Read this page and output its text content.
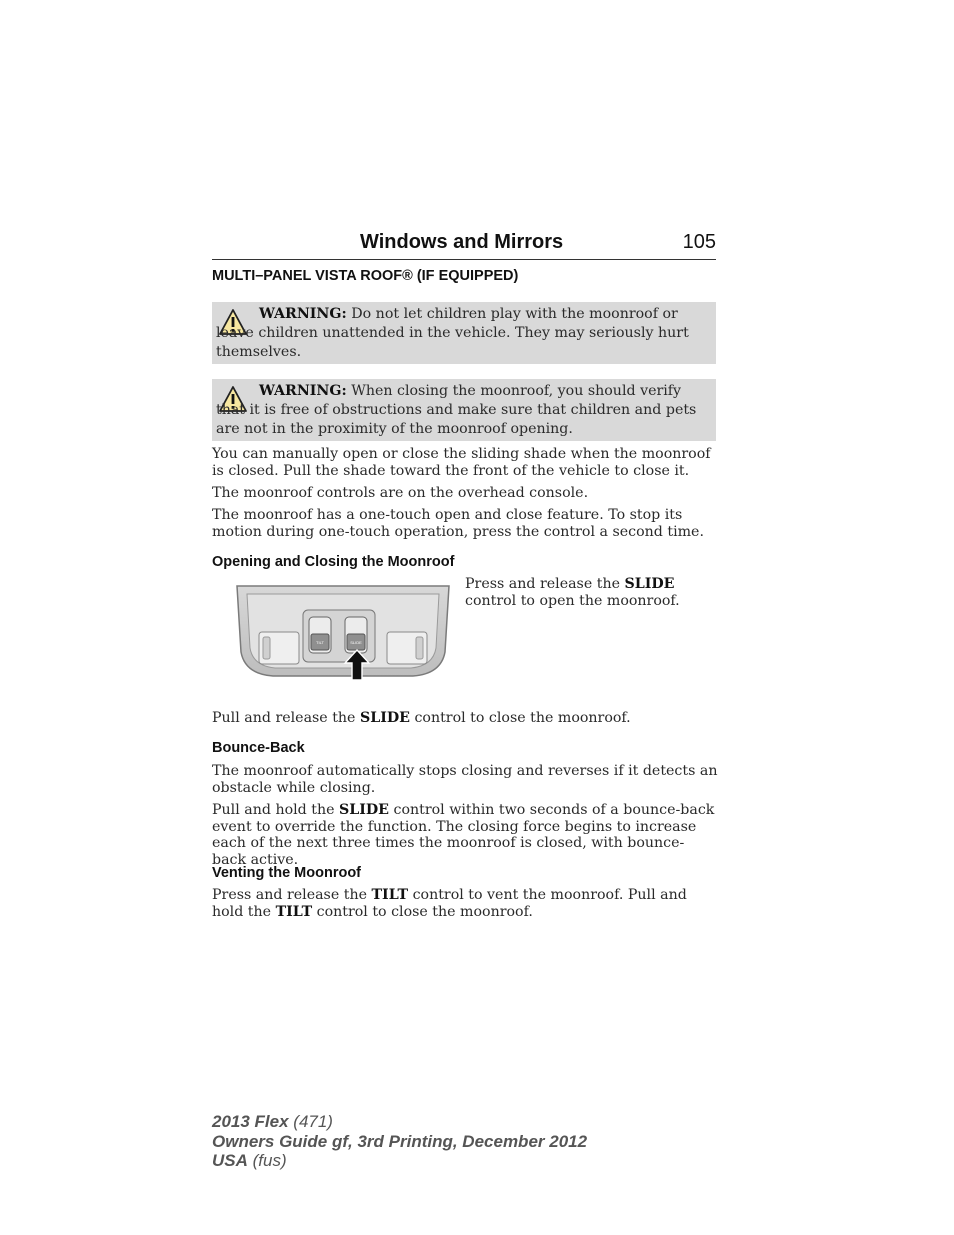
Windows and Mirrors	105
MULTI–PANEL VISTA ROOF® (IF EQUIPPED)
WARNING: Do not let children play with the moonroof or leave children unattended in the vehicle. They may seriously hurt themselves.
WARNING: When closing the moonroof, you should verify that it is free of obstructions and make sure that children and pets are not in the proximity of the moonroof opening.
You can manually open or close the sliding shade when the moonroof is closed. Pull the shade toward the front of the vehicle to close it.
The moonroof controls are on the overhead console.
The moonroof has a one-touch open and close feature. To stop its motion during one-touch operation, press the control a second time.
Opening and Closing the Moonroof
TILT	SLIDE
Press and release the SLIDE control to open the moonroof.
Pull and release the SLIDE control to close the moonroof.
Bounce-Back
The moonroof automatically stops closing and reverses if it detects an obstacle while closing.
Pull and hold the SLIDE control within two seconds of a bounce-back event to override the function. The closing force begins to increase each of the next three times the moonroof is closed, with bounce-back active.
Venting the Moonroof
Press and release the TILT control to vent the moonroof. Pull and hold the TILT control to close the moonroof.
2013 Flex (471)
Owners Guide gf, 3rd Printing, December 2012
USA (fus)
